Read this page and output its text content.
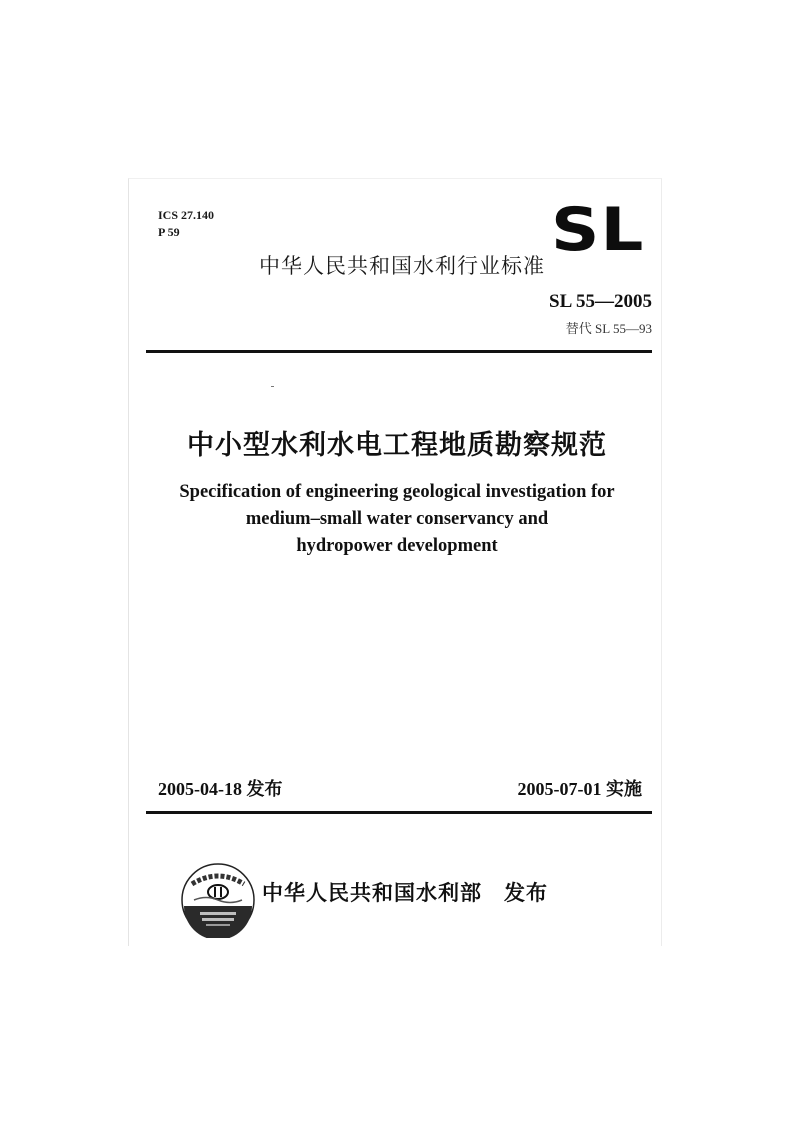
ICS 27.140
P 59	SL
中华人民共和国水利行业标准
SL 55—2005
替代 SL 55—93
中小型水利水电工程地质勘察规范
Specification of engineering geological investigation for
medium–small water conservancy and
hydropower development
2005-04-18 发布	2005-07-01 实施
中华人民共和国水利部 发布
